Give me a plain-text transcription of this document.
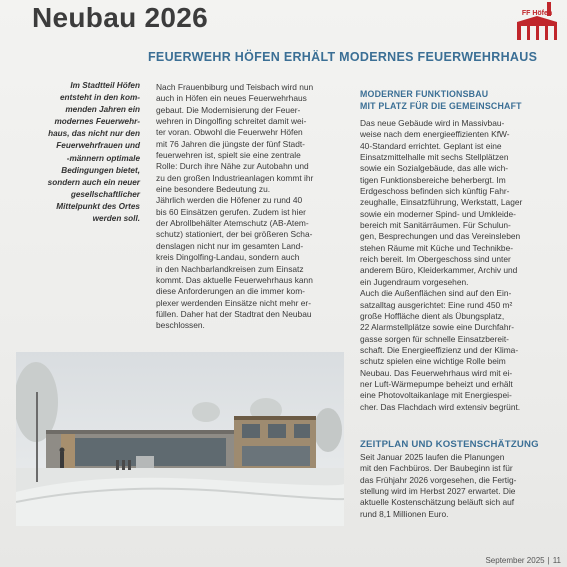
Neubau 2026	FF Höfen
FEUERWEHR HÖFEN ERHÄLT MODERNES FEUERWEHRHAUS
Im Stadtteil Höfen
entsteht in den kom-
menden Jahren ein
modernes Feuerwehr-
haus, das nicht nur den
Feuerwehrfrauen und
-männern optimale
Bedingungen bietet,
sondern auch ein neuer
gesellschaftlicher
Mittelpunkt des Ortes
werden soll.
Nach Frauenbiburg und Teisbach wird nun
auch in Höfen ein neues Feuerwehrhaus
gebaut. Die Modernisierung der Feuer-
wehren in Dingolfing schreitet damit wei-
ter voran. Obwohl die Feuerwehr Höfen
mit 76 Jahren die jüngste der fünf Stadt-
feuerwehren ist, spielt sie eine zentrale
Rolle: Durch ihre Nähe zur Autobahn und
zu den großen Industrieanlagen kommt ihr
eine besondere Bedeutung zu.
Jährlich werden die Höfener zu rund 40
bis 60 Einsätzen gerufen. Zudem ist hier
der Abrollbehälter Atemschutz (AB-Atem-
schutz) stationiert, der bei größeren Scha-
denslagen nicht nur im gesamten Land-
kreis Dingolfing-Landau, sondern auch
in den Nachbarlandkreisen zum Einsatz
kommt. Das aktuelle Feuerwehrhaus kann
diese Anforderungen an die immer kom-
plexer werdenden Einsätze nicht mehr er-
füllen. Daher hat der Stadtrat den Neubau
beschlossen.
MODERNER FUNKTIONSBAU
MIT PLATZ FÜR DIE GEMEINSCHAFT
Das neue Gebäude wird in Massivbau-
weise nach dem energieeffizienten KfW-
40-Standard errichtet. Geplant ist eine
Einsatzmittelhalle mit sechs Stellplätzen
sowie ein Sozialgebäude, das alle wich-
tigen Funktionsbereiche beherbergt. Im
Erdgeschoss befinden sich künftig Fahr-
zeughalle, Einsatzführung, Werkstatt, Lager
sowie ein moderner Spind- und Umkleide-
bereich mit Sanitärräumen. Für Schulun-
gen, Besprechungen und das Vereinsleben
stehen Räume mit Küche und Technikbe-
reich bereit. Im Obergeschoss sind unter
anderem Büro, Kleiderkammer, Archiv und
ein Jugendraum vorgesehen.
Auch die Außenflächen sind auf den Ein-
satzalltag ausgerichtet: Eine rund 450 m²
große Hoffläche dient als Übungsplatz,
22 Alarmstellplätze sowie eine Durchfahr-
gasse sorgen für schnelle Einsatzbereit-
schaft. Die Energieeffizienz und der Klima-
schutz spielen eine wichtige Rolle beim
Neubau. Das Feuerwehrhaus wird mit ei-
ner Luft-Wärmepumpe beheizt und erhält
eine Photovoltaikanlage mit Energiespei-
cher. Das Flachdach wird extensiv begrünt.
ZEITPLAN UND KOSTENSCHÄTZUNG
Seit Januar 2025 laufen die Planungen
mit den Fachbüros. Der Baubeginn ist für
das Frühjahr 2026 vorgesehen, die Fertig-
stellung wird im Herbst 2027 erwartet. Die
aktuelle Kostenschätzung beläuft sich auf
rund 8,1 Millionen Euro.
September 2025 | 11
